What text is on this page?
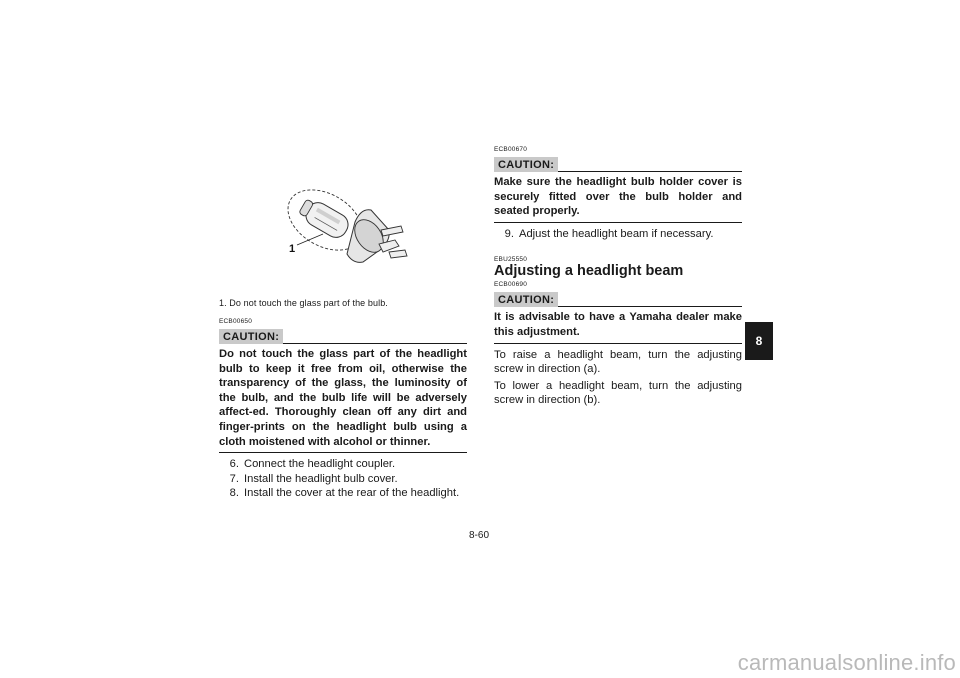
1
1. Do not touch the glass part of the bulb.
ECB00650
CAUTION:
Do not touch the glass part of the headlight bulb to keep it free from oil, otherwise the transparency of the glass, the luminosity of the bulb, and the bulb life will be adversely affect-ed. Thoroughly clean off any dirt and finger-prints on the headlight bulb using a cloth moistened with alcohol or thinner.
6. Connect the headlight coupler.
7. Install the headlight bulb cover.
8. Install the cover at the rear of the headlight.
ECB00670
CAUTION:
Make sure the headlight bulb holder cover is securely fitted over the bulb holder and seated properly.
9. Adjust the headlight beam if necessary.
EBU25550
Adjusting a headlight beam
ECB00690
CAUTION:
It is advisable to have a Yamaha dealer make this adjustment.
To raise a headlight beam, turn the adjusting screw in direction (a).
To lower a headlight beam, turn the adjusting screw in direction (b).
8-60
8
carmanualsonline.info
